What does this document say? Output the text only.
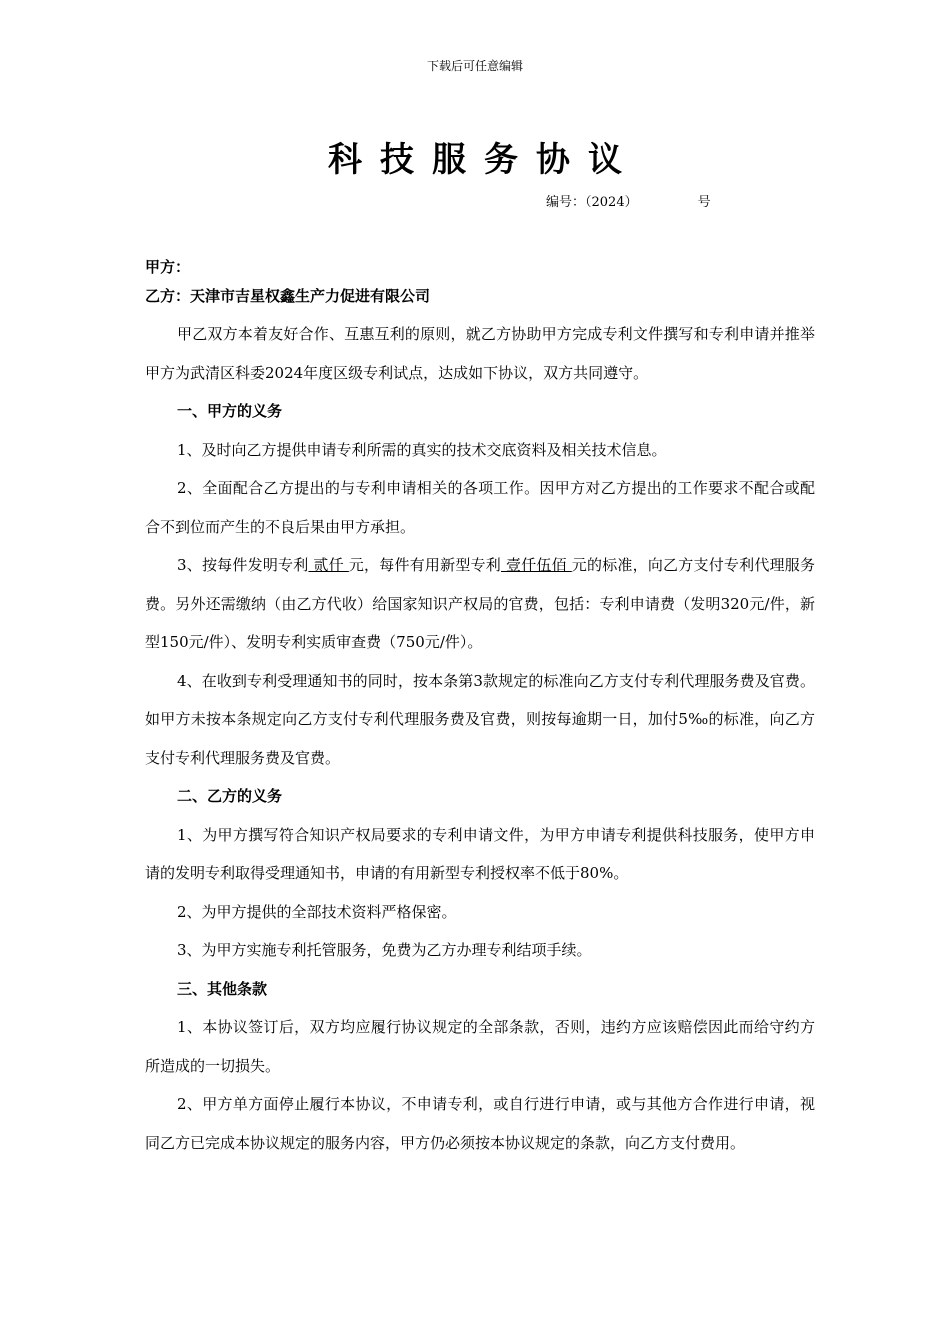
下载后可任意编辑
科技服务协议
编号：（2024）	号

甲方：

乙方：天津市吉星权鑫生产力促进有限公司

甲乙双方本着友好合作、互惠互利的原则，就乙方协助甲方完成专利文件撰写和专利申请并推举甲方为武清区科委2024年度区级专利试点，达成如下协议，双方共同遵守。

一、甲方的义务

1、及时向乙方提供申请专利所需的真实的技术交底资料及相关技术信息。

2、全面配合乙方提出的与专利申请相关的各项工作。因甲方对乙方提出的工作要求不配合或配合不到位而产生的不良后果由甲方承担。

3、按每件发明专利 贰仟 元，每件有用新型专利 壹仟伍佰 元的标准，向乙方支付专利代理服务费。另外还需缴纳（由乙方代收）给国家知识产权局的官费，包括：专利申请费（发明320元/件，新型150元/件）、发明专利实质审查费（750元/件）。

4、在收到专利受理通知书的同时，按本条第3款规定的标准向乙方支付专利代理服务费及官费。如甲方未按本条规定向乙方支付专利代理服务费及官费，则按每逾期一日，加付5‰的标准，向乙方支付专利代理服务费及官费。

二、乙方的义务

1、为甲方撰写符合知识产权局要求的专利申请文件，为甲方申请专利提供科技服务，使甲方申请的发明专利取得受理通知书，申请的有用新型专利授权率不低于80%。

2、为甲方提供的全部技术资料严格保密。

3、为甲方实施专利托管服务，免费为乙方办理专利结项手续。

三、其他条款

1、本协议签订后，双方均应履行协议规定的全部条款，否则，违约方应该赔偿因此而给守约方所造成的一切损失。

2、甲方单方面停止履行本协议，不申请专利，或自行进行申请，或与其他方合作进行申请，视同乙方已完成本协议规定的服务内容，甲方仍必须按本协议规定的条款，向乙方支付费用。
